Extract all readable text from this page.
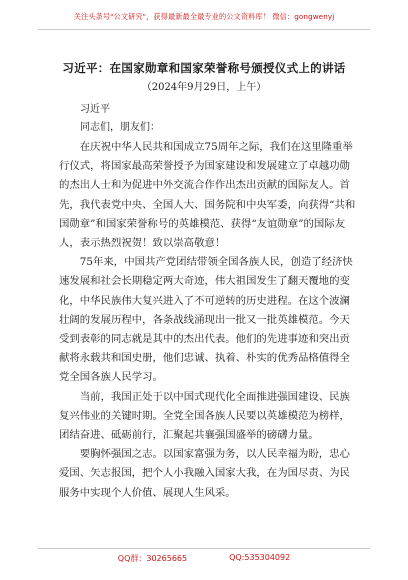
关注头条号"公文研究"，获得最新最全最专业的公文资料库！ 微信：gongwenyj
习近平：在国家勋章和国家荣誉称号颁授仪式上的讲话
（2024年9月29日，上午）
习近平
同志们，朋友们：

在庆祝中华人民共和国成立75周年之际，我们在这里隆重举行仪式，将国家最高荣誉授予为国家建设和发展建立了卓越功勋的杰出人士和为促进中外交流合作作出杰出贡献的国际友人。首先，我代表党中央、全国人大、国务院和中央军委，向获得“共和国勋章”和国家荣誉称号的英雄模范、获得“友谊勋章”的国际友人，表示热烈祝贺！致以崇高敬意！

75年来，中国共产党团结带领全国各族人民，创造了经济快速发展和社会长期稳定两大奇迹，伟大祖国发生了翻天覆地的变化，中华民族伟大复兴进入了不可逆转的历史进程。在这个波澜壮阔的发展历程中，各条战线涌现出一批又一批英雄模范。今天受到表彰的同志就是其中的杰出代表。他们的先进事迹和突出贡献将永载共和国史册，他们忠诚、执着、朴实的优秀品格值得全党全国各族人民学习。

当前，我国正处于以中国式现代化全面推进强国建设、民族复兴伟业的关键时期。全党全国各族人民要以英雄模范为榜样，团结奋进、砥砺前行，汇聚起共襄强国盛举的磅礴力量。

要胸怀强国之志。以国家富强为务，以人民幸福为盼，忠心爱国、矢志报国，把个人小我融入国家大我，在为国尽责、为民服务中实现个人价值、展现人生风采。

QQ群：30265665	QQ:535304092
